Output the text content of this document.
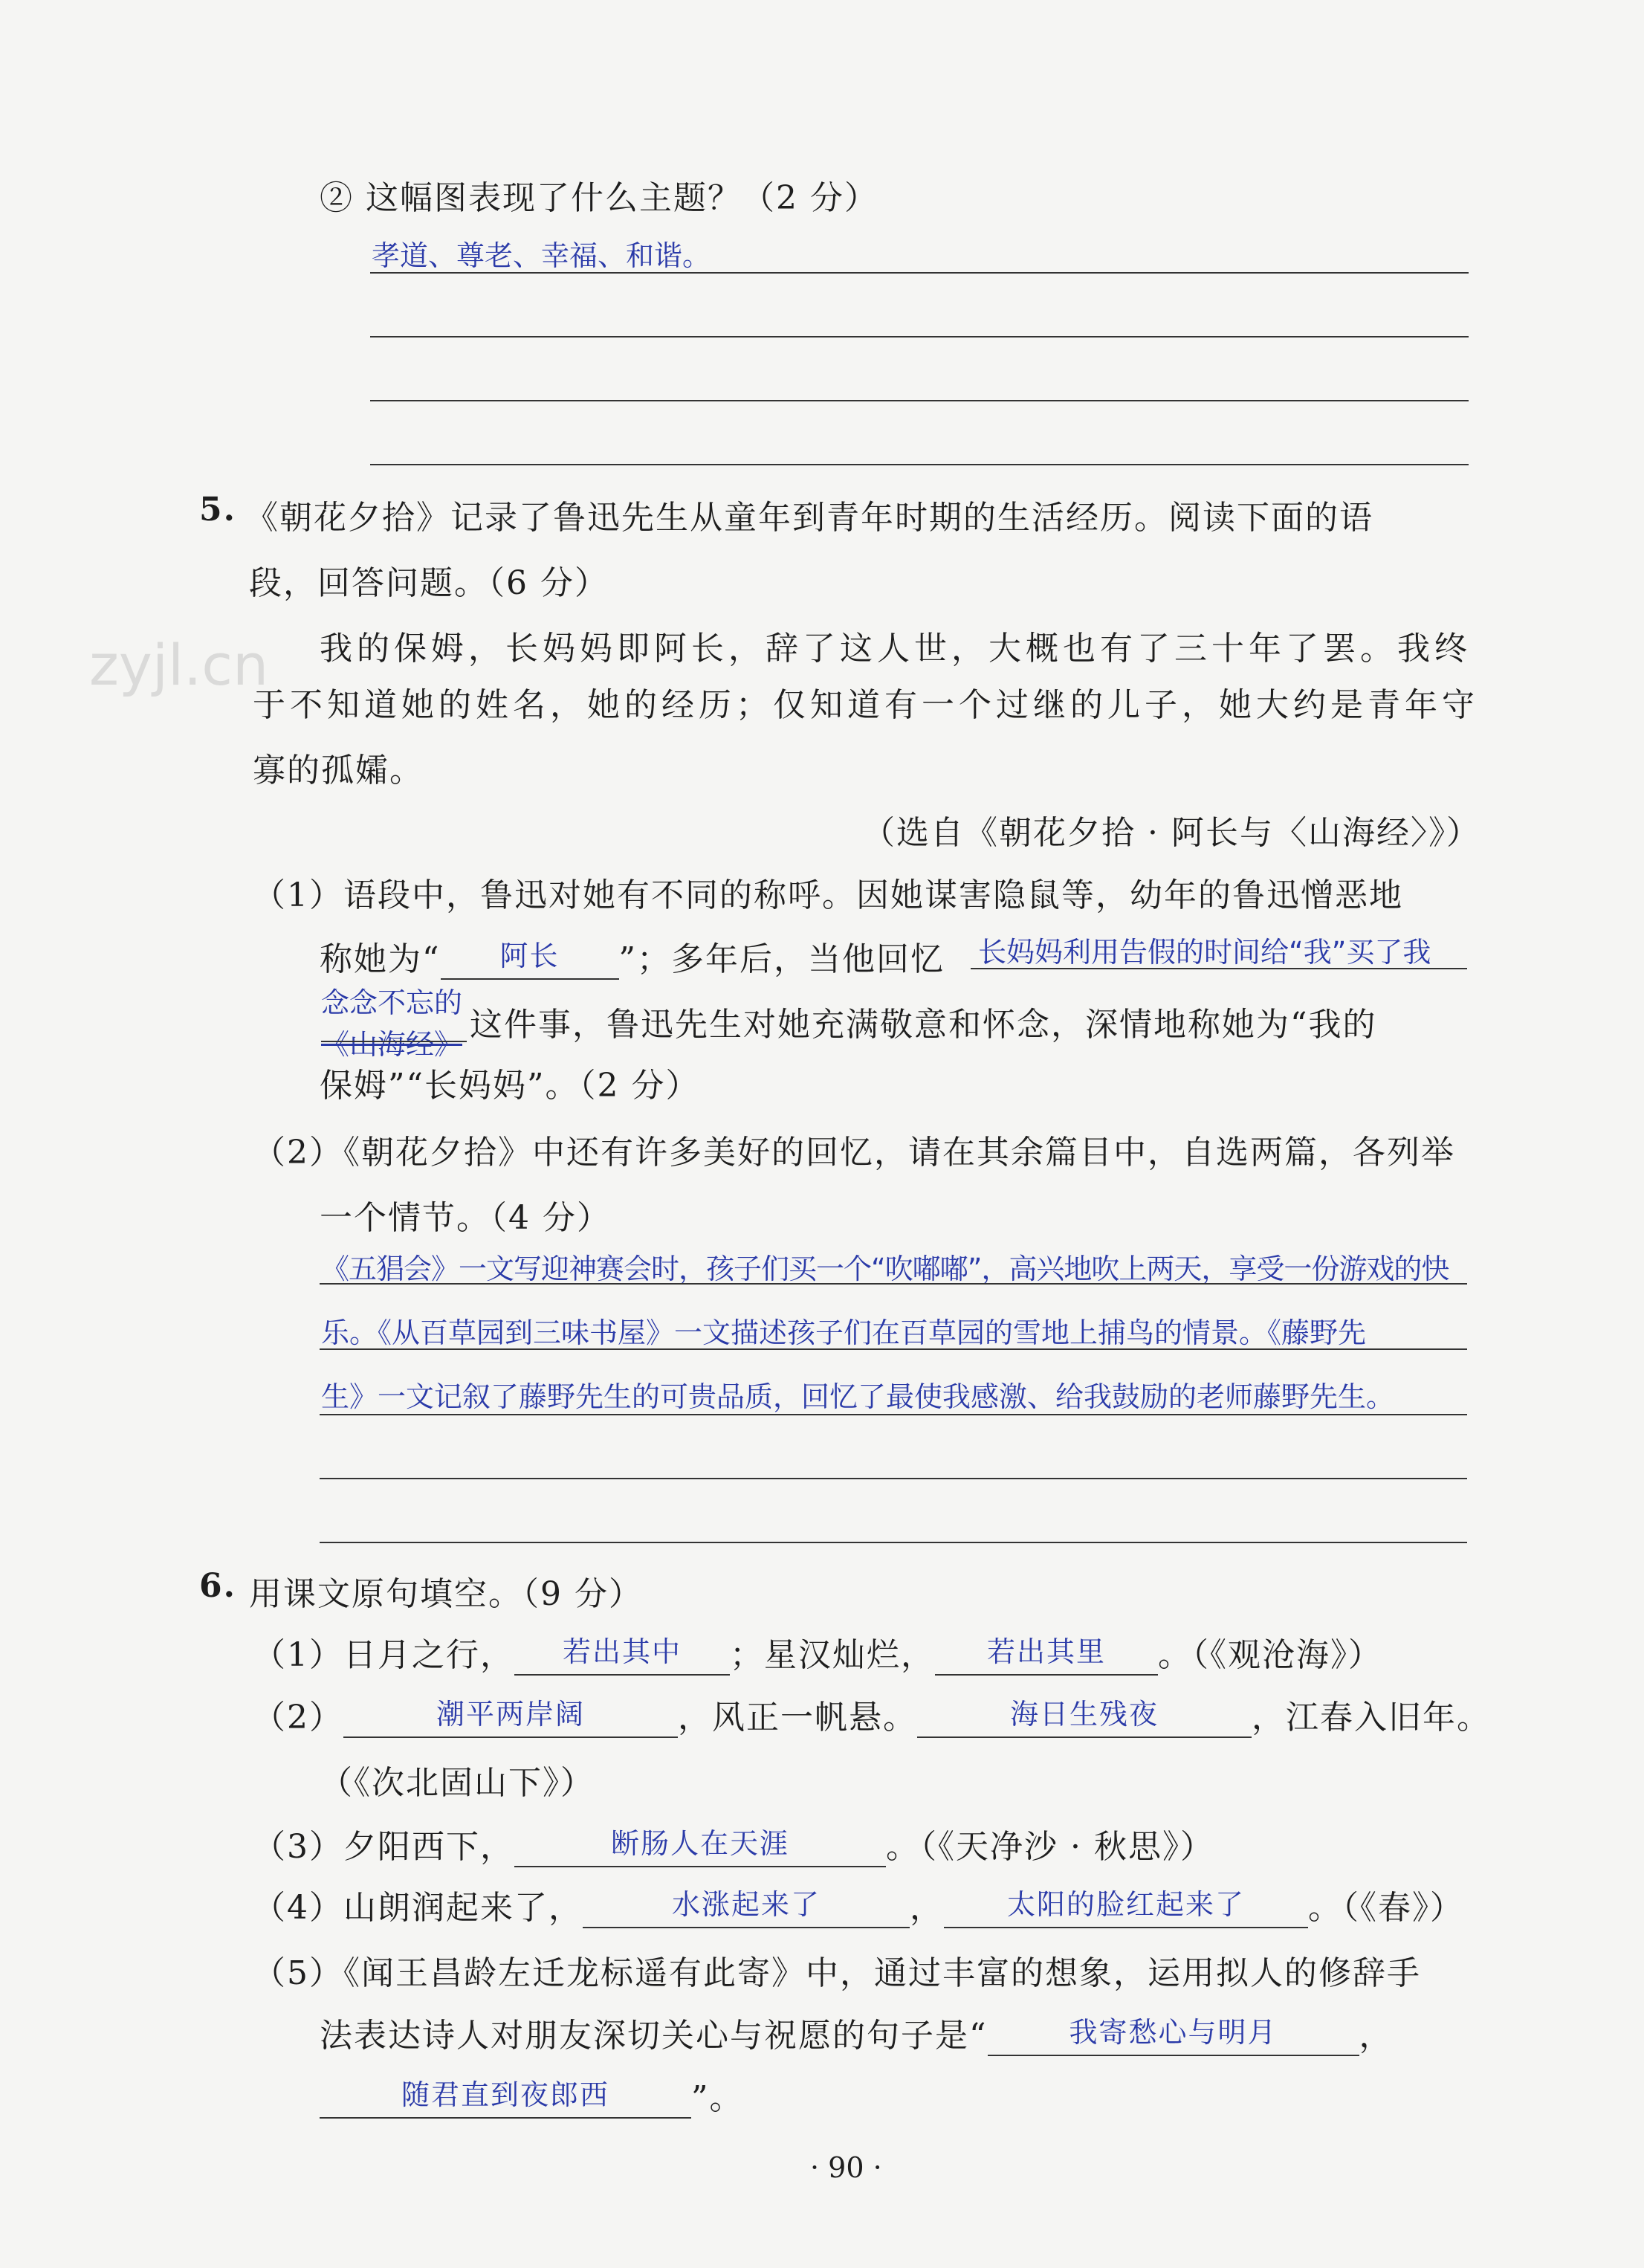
zyjl.cn
② 这幅图表现了什么主题？（2 分）
孝道、尊老、幸福、和谐。
5. 《朝花夕拾》记录了鲁迅先生从童年到青年时期的生活经历。阅读下面的语
段，回答问题。（6 分）
我的保姆，长妈妈即阿长，辞了这人世，大概也有了三十年了罢。我终
于不知道她的姓名，她的经历；仅知道有一个过继的儿子，她大约是青年守
寡的孤孀。
（选自《朝花夕拾 · 阿长与〈山海经〉》）
（1）语段中，鲁迅对她有不同的称呼。因她谋害隐鼠等，幼年的鲁迅憎恶地
称她为“ 阿长 ”；多年后，当他回忆 长妈妈利用告假的时间给“我”买了我
念念不忘的
《山海经》
这件事，鲁迅先生对她充满敬意和怀念，深情地称她为“我的
保姆”“长妈妈”。（2 分）
（2）《朝花夕拾》中还有许多美好的回忆，请在其余篇目中，自选两篇，各列举
一个情节。（4 分）
《五猖会》一文写迎神赛会时，孩子们买一个“吹嘟嘟”，高兴地吹上两天，享受一份游戏的快
乐。《从百草园到三味书屋》一文描述孩子们在百草园的雪地上捕鸟的情景。《藤野先
生》一文记叙了藤野先生的可贵品质，回忆了最使我感激、给我鼓励的老师藤野先生。
6. 用课文原句填空。（9 分）
（1）日月之行， 若出其中 ；星汉灿烂， 若出其里 。（《观沧海》）
（2）	潮平两岸阔	，风正一帆悬。	海日生残夜	，江春入旧年。
（《次北固山下》）
（3）夕阳西下，	断肠人在天涯	。（《天净沙 · 秋思》）
（4）山朗润起来了，	水涨起来了	， 太阳的脸红起来了 。（《春》）
（5）《闻王昌龄左迁龙标遥有此寄》中，通过丰富的想象，运用拟人的修辞手
法表达诗人对朋友深切关心与祝愿的句子是“	我寄愁心与明月	，
随君直到夜郎西	”。
· 90 ·
